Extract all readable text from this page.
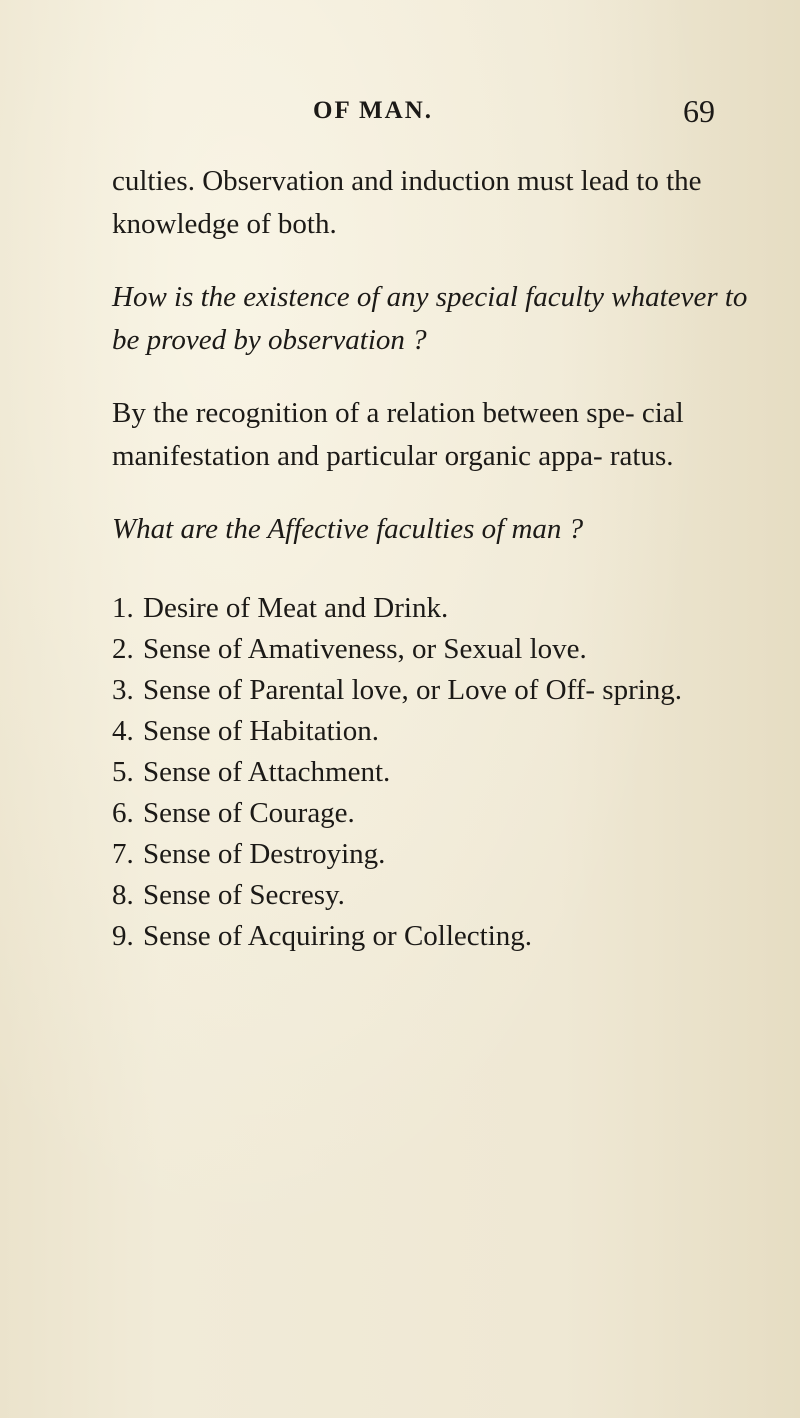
OF MAN.	69

culties. Observation and induction must lead to the knowledge of both.

How is the existence of any special faculty whatever to be proved by observation ?

By the recognition of a relation between spe- cial manifestation and particular organic appa- ratus.

What are the Affective faculties of man ?

1. Desire of Meat and Drink.

2. Sense of Amativeness, or Sexual love.

3. Sense of Parental love, or Love of Off- spring.

4. Sense of Habitation.

5. Sense of Attachment.

6. Sense of Courage.

7. Sense of Destroying.

8. Sense of Secresy.

9. Sense of Acquiring or Collecting.
